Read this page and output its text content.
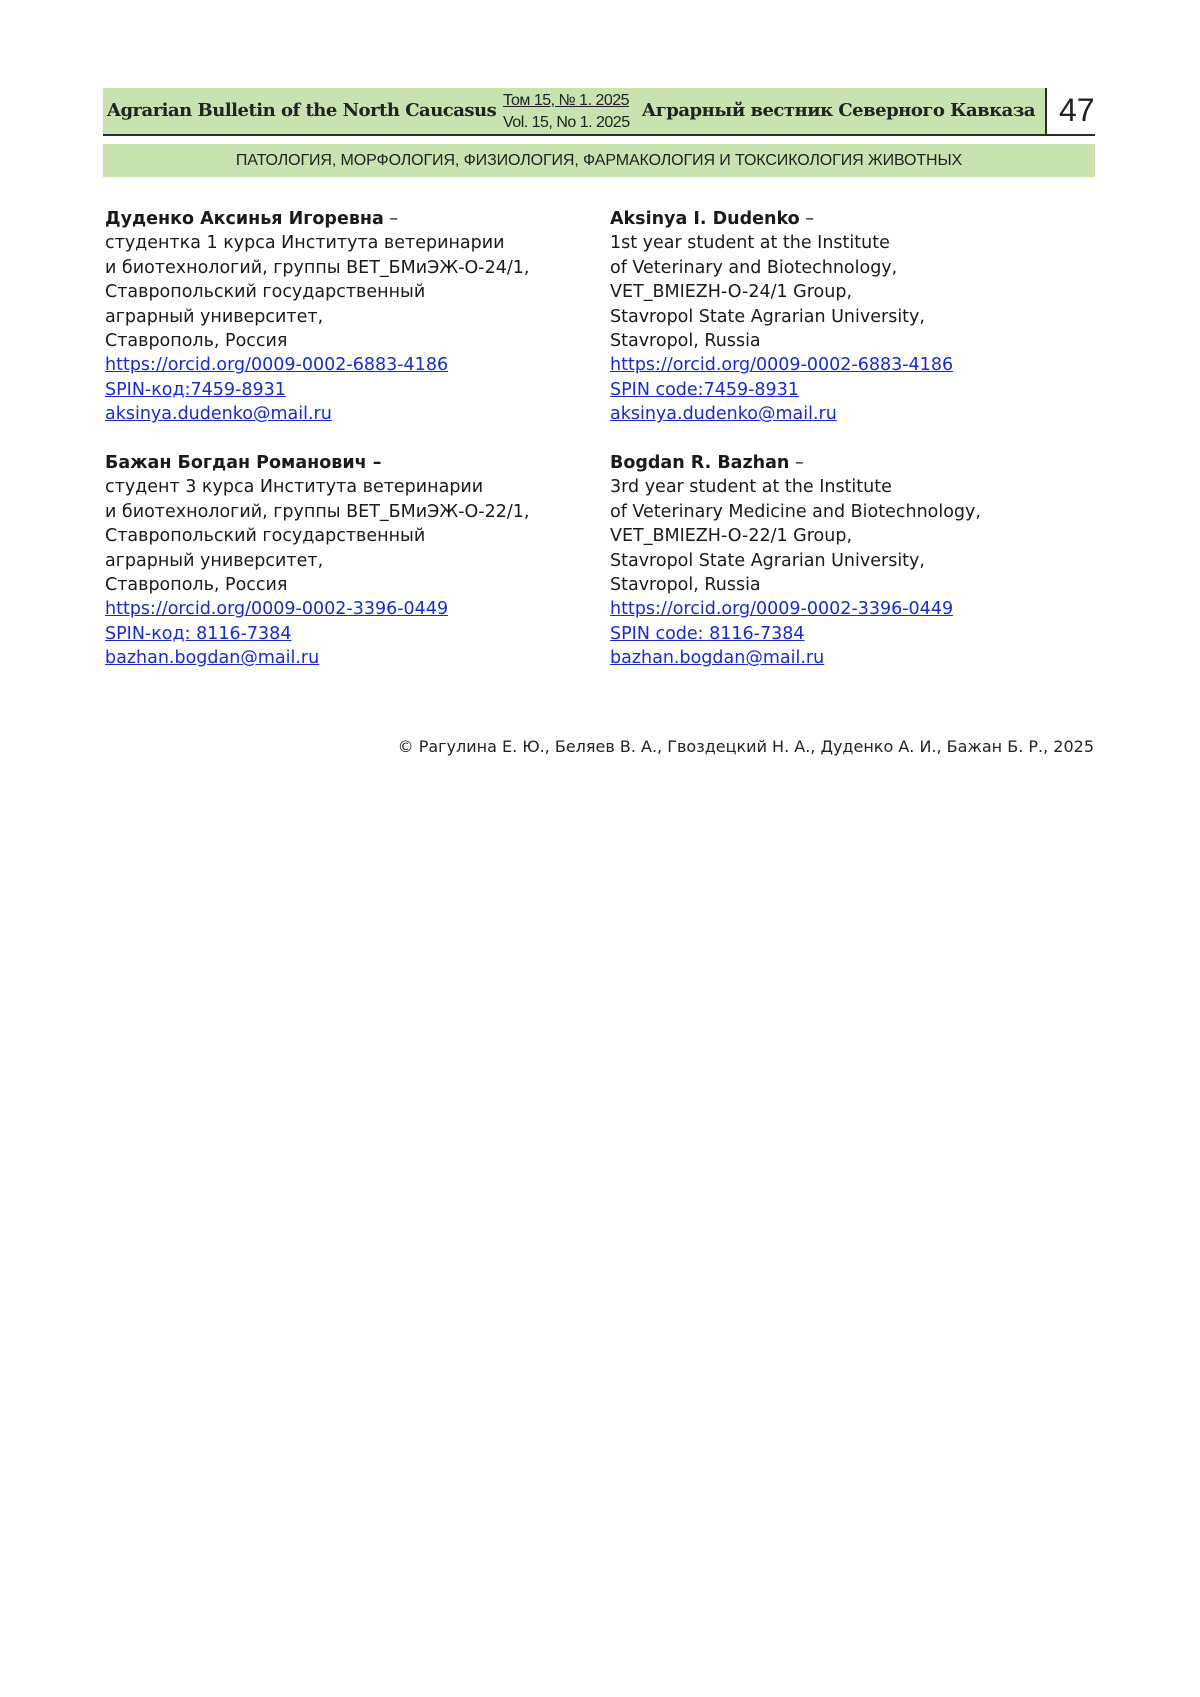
Agrarian Bulletin of the North Caucasus Том 15, № 1. 2025
Vol. 15, No 1. 2025
Аграрный вестник Северного Кавказа 47
ПАТОЛОГИЯ, МОРФОЛОГИЯ, ФИЗИОЛОГИЯ, ФАРМАКОЛОГИЯ И ТОКСИКОЛОГИЯ ЖИВОТНЫХ
Дуденко Аксинья Игоревна –
студентка 1 курса Института ветеринарии
и биотехнологий, группы ВЕТ_БМиЭЖ-О-24/1,
Ставропольский государственный
аграрный университет,
Ставрополь, Россия
https://orcid.org/0009-0002-6883-4186
SPIN-код:7459-8931
aksinya.dudenko@mail.ru
Бажан Богдан Романович –
студент 3 курса Института ветеринарии
и биотехнологий, группы ВЕТ_БМиЭЖ-О-22/1,
Ставропольский государственный
аграрный университет,
Ставрополь, Россия
https://orcid.org/0009-0002-3396-0449
SPIN-код: 8116-7384
bazhan.bogdan@mail.ru
Aksinya I. Dudenko –
1st year student at the Institute
of Veterinary and Biotechnology,
VET_BMIEZH-O-24/1 Group,
Stavropol State Agrarian University,
Stavropol, Russia
https://orcid.org/0009-0002-6883-4186
SPIN code:7459-8931
aksinya.dudenko@mail.ru
Bogdan R. Bazhan –
3rd year student at the Institute
of Veterinary Medicine and Biotechnology,
VET_BMIEZH-O-22/1 Group,
Stavropol State Agrarian University,
Stavropol, Russia
https://orcid.org/0009-0002-3396-0449
SPIN code: 8116-7384
bazhan.bogdan@mail.ru
© Рагулина Е. Ю., Беляев В. А., Гвоздецкий Н. А., Дуденко А. И., Бажан Б. Р., 2025
